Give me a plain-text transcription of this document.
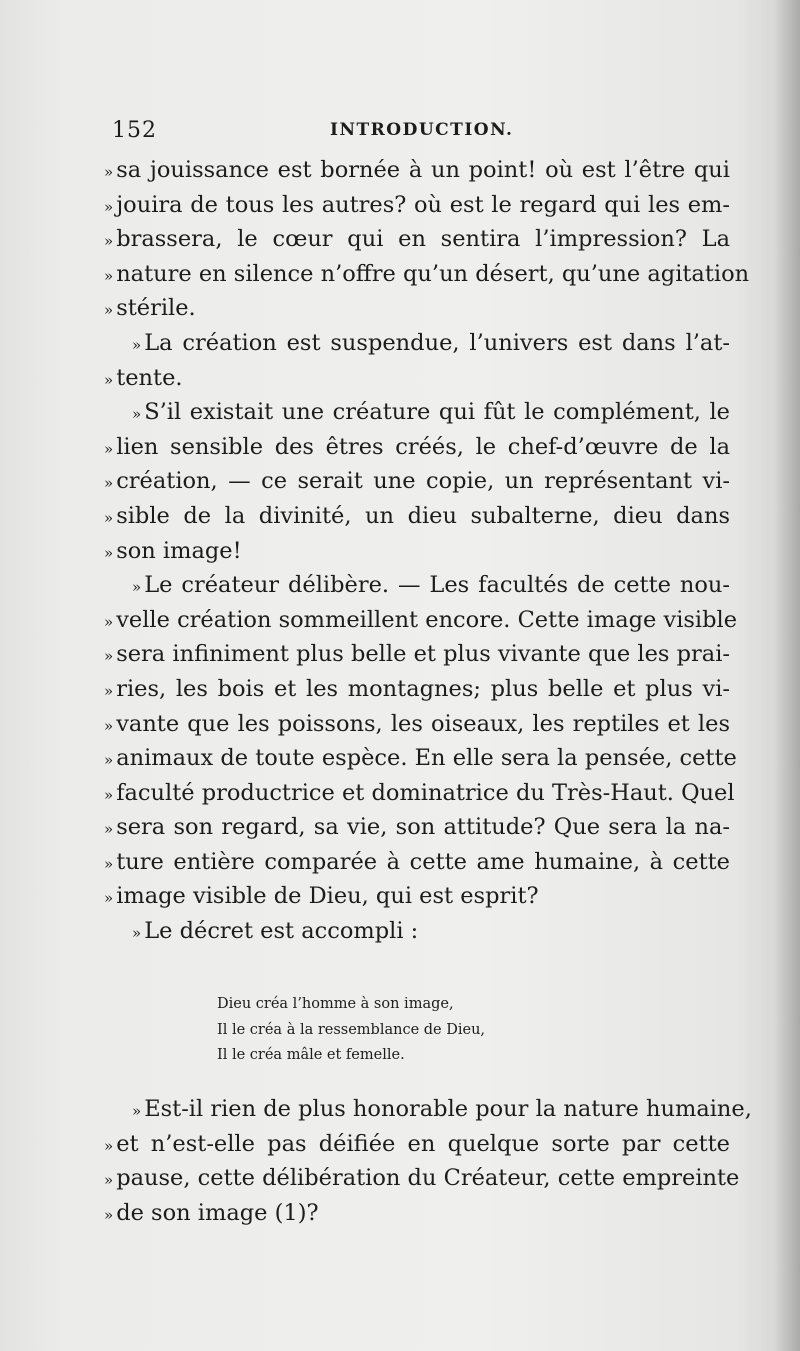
152	INTRODUCTION.
» sa jouissance est bornée à un point! où est l’être qui
» jouira de tous les autres? où est le regard qui les em-
» brassera, le cœur qui en sentira l’impression? La
» nature en silence n’offre qu’un désert, qu’une agitation
» stérile.
» La création est suspendue, l’univers est dans l’at-
» tente.
» S’il existait une créature qui fût le complément, le
» lien sensible des êtres créés, le chef-d’œuvre de la
» création, — ce serait une copie, un représentant vi-
» sible de la divinité, un dieu subalterne, dieu dans
» son image!
» Le créateur délibère. — Les facultés de cette nou-
» velle création sommeillent encore. Cette image visible
» sera infiniment plus belle et plus vivante que les prai-
» ries, les bois et les montagnes; plus belle et plus vi-
» vante que les poissons, les oiseaux, les reptiles et les
» animaux de toute espèce. En elle sera la pensée, cette
» faculté productrice et dominatrice du Très-Haut. Quel
» sera son regard, sa vie, son attitude? Que sera la na-
» ture entière comparée à cette ame humaine, à cette
» image visible de Dieu, qui est esprit?
» Le décret est accompli :
Dieu créa l’homme à son image,
Il le créa à la ressemblance de Dieu,
Il le créa mâle et femelle.
» Est-il rien de plus honorable pour la nature humaine,
» et n’est-elle pas déifiée en quelque sorte par cette
» pause, cette délibération du Créateur, cette empreinte
» de son image (1)?
